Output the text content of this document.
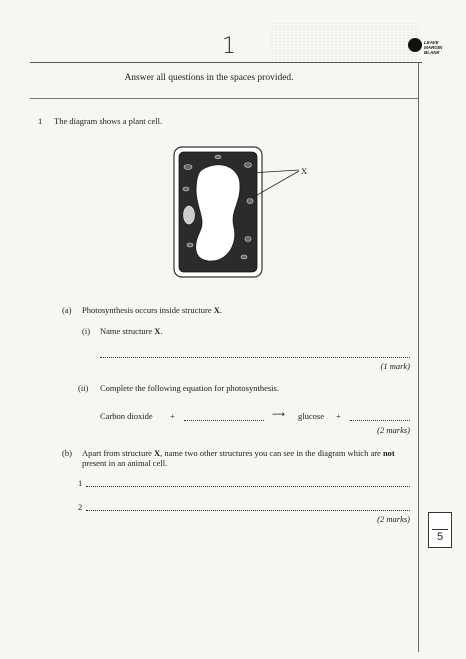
1	LEAVE MARGIN BLANK
Answer all questions in the spaces provided.
1 The diagram shows a plant cell.
X
(a) Photosynthesis occurs inside structure X.
(i) Name structure X.
(1 mark)
(ii) Complete the following equation for photosynthesis.
Carbon dioxide +	⟶ glucose +
(2 marks)
(b) Apart from structure X, name two other structures you can see in the diagram which are not present in an animal cell.
1
2
(2 marks)
5
